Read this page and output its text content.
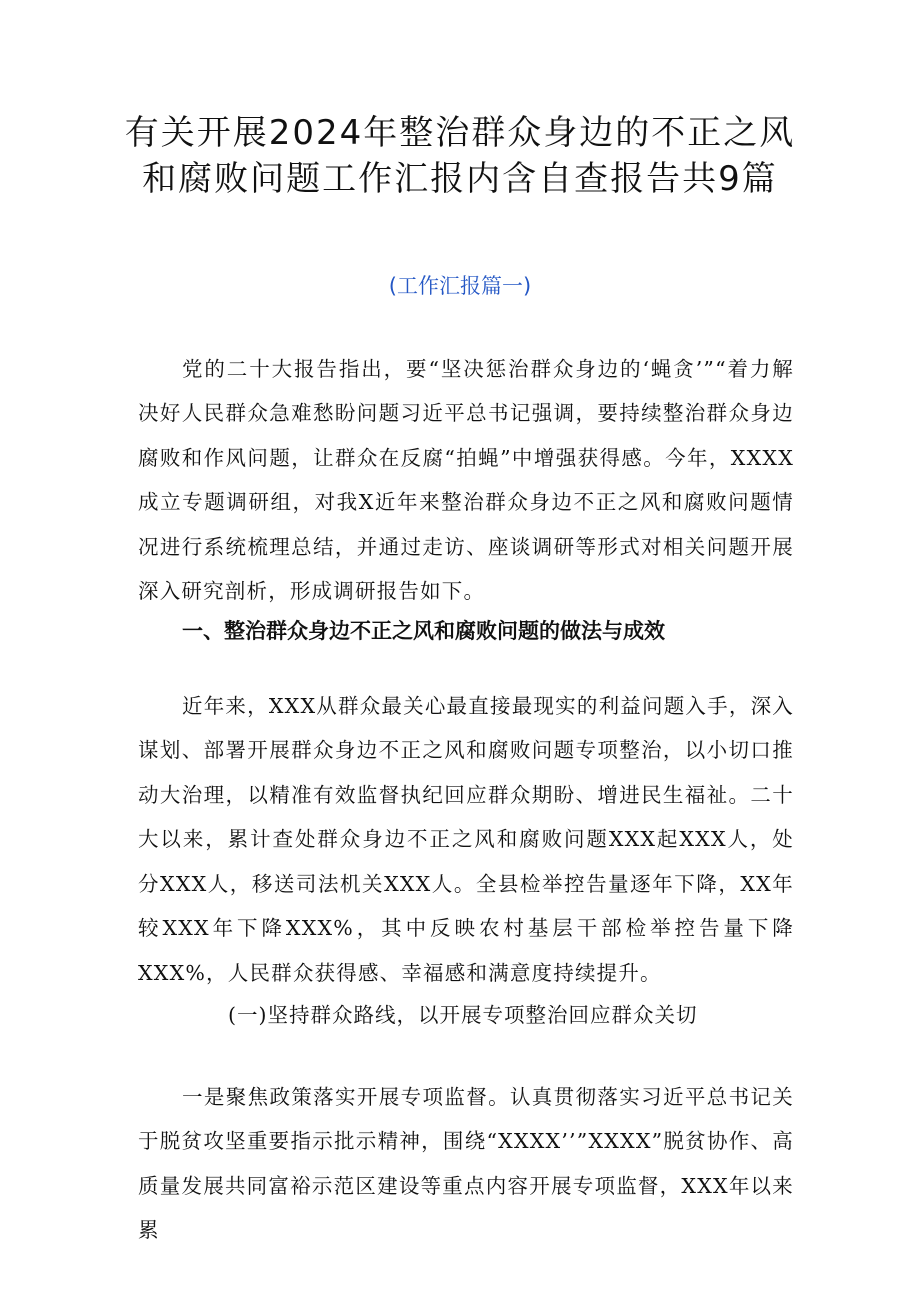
有关开展2024年整治群众身边的不正之风
和腐败问题工作汇报内含自查报告共9篇
(工作汇报篇一)

党的二十大报告指出，要“坚决惩治群众身边的‘蝇贪’”“着力解决好人民群众急难愁盼问题习近平总书记强调，要持续整治群众身边腐败和作风问题，让群众在反腐“拍蝇”中增强获得感。今年，XXXX成立专题调研组，对我X近年来整治群众身边不正之风和腐败问题情况进行系统梳理总结，并通过走访、座谈调研等形式对相关问题开展深入研究剖析，形成调研报告如下。

一、整治群众身边不正之风和腐败问题的做法与成效

近年来，XXX从群众最关心最直接最现实的利益问题入手，深入谋划、部署开展群众身边不正之风和腐败问题专项整治，以小切口推动大治理，以精准有效监督执纪回应群众期盼、增进民生福祉。二十大以来，累计查处群众身边不正之风和腐败问题XXX起XXX人，处分XXX人，移送司法机关XXX人。全县检举控告量逐年下降，XX年较XXX年下降XXX%，其中反映农村基层干部检举控告量下降XXX%，人民群众获得感、幸福感和满意度持续提升。

(一)坚持群众路线，以开展专项整治回应群众关切

一是聚焦政策落实开展专项监督。认真贯彻落实习近平总书记关于脱贫攻坚重要指示批示精神，围绕“XXXX’’”XXXX”脱贫协作、高质量发展共同富裕示范区建设等重点内容开展专项监督，XXX年以来累
